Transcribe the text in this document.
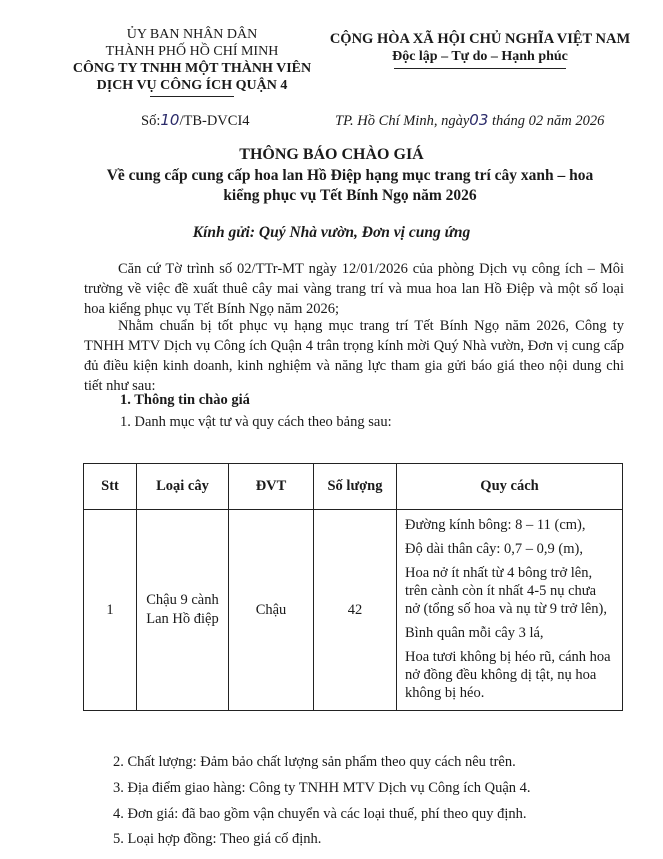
ỦY BAN NHÂN DÂN
THÀNH PHỐ HỒ CHÍ MINH
CÔNG TY TNHH MỘT THÀNH VIÊN
DỊCH VỤ CÔNG ÍCH QUẬN 4
CỘNG HÒA XÃ HỘI CHỦ NGHĨA VIỆT NAM
Độc lập – Tự do – Hạnh phúc
Số:10/TB-DVCI4	TP. Hồ Chí Minh, ngày03 tháng 02 năm 2026
THÔNG BÁO CHÀO GIÁ
Về cung cấp cung cấp hoa lan Hồ Điệp hạng mục trang trí cây xanh – hoa kiểng phục vụ Tết Bính Ngọ năm 2026
Kính gửi: Quý Nhà vườn, Đơn vị cung ứng

Căn cứ Tờ trình số 02/TTr-MT ngày 12/01/2026 của phòng Dịch vụ công ích – Môi trường về việc đề xuất thuê cây mai vàng trang trí và mua hoa lan Hồ Điệp và một số loại hoa kiểng phục vụ Tết Bính Ngọ năm 2026;

Nhằm chuẩn bị tốt phục vụ hạng mục trang trí Tết Bính Ngọ năm 2026, Công ty TNHH MTV Dịch vụ Công ích Quận 4 trân trọng kính mời Quý Nhà vườn, Đơn vị cung cấp đủ điều kiện kinh doanh, kinh nghiệm và năng lực tham gia gửi báo giá theo nội dung chi tiết như sau:

1. Thông tin chào giá
1. Danh mục vật tư và quy cách theo bảng sau:
Stt	Loại cây	ĐVT	Số lượng	Quy cách
1	Chậu 9 cành Lan Hồ điệp	Chậu	42	Đường kính bông: 8 – 11 (cm),
Độ dài thân cây: 0,7 – 0,9 (m),
Hoa nở ít nhất từ 4 bông trở lên, trên cành còn ít nhất 4-5 nụ chưa nở (tổng số hoa và nụ từ 9 trở lên),
Bình quân mỗi cây 3 lá,
Hoa tươi không bị héo rũ, cánh hoa nở đồng đều không dị tật, nụ hoa không bị héo.
2. Chất lượng: Đảm bảo chất lượng sản phẩm theo quy cách nêu trên.
3. Địa điểm giao hàng: Công ty TNHH MTV Dịch vụ Công ích Quận 4.
4. Đơn giá: đã bao gồm vận chuyển và các loại thuế, phí theo quy định.
5. Loại hợp đồng: Theo giá cố định.
